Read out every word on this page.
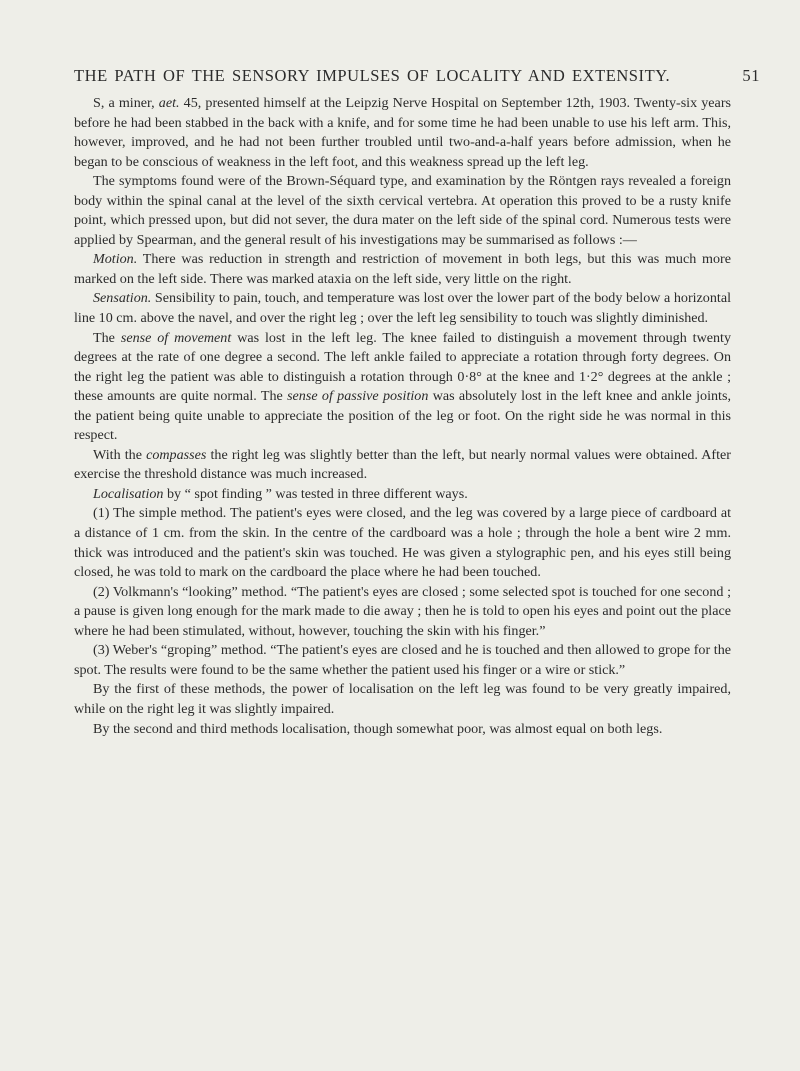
THE PATH OF THE SENSORY IMPULSES OF LOCALITY AND EXTENSITY.	51

S, a miner, aet. 45, presented himself at the Leipzig Nerve Hospital on September 12th, 1903. Twenty-six years before he had been stabbed in the back with a knife, and for some time he had been unable to use his left arm. This, however, improved, and he had not been further troubled until two-and-a-half years before admission, when he began to be conscious of weakness in the left foot, and this weakness spread up the left leg.

The symptoms found were of the Brown-Séquard type, and examination by the Röntgen rays revealed a foreign body within the spinal canal at the level of the sixth cervical vertebra. At operation this proved to be a rusty knife point, which pressed upon, but did not sever, the dura mater on the left side of the spinal cord. Numerous tests were applied by Spearman, and the general result of his investigations may be summarised as follows :—

Motion. There was reduction in strength and restriction of movement in both legs, but this was much more marked on the left side. There was marked ataxia on the left side, very little on the right.

Sensation. Sensibility to pain, touch, and temperature was lost over the lower part of the body below a horizontal line 10 cm. above the navel, and over the right leg ; over the left leg sensibility to touch was slightly diminished.

The sense of movement was lost in the left leg. The knee failed to distinguish a movement through twenty degrees at the rate of one degree a second. The left ankle failed to appreciate a rotation through forty degrees. On the right leg the patient was able to distinguish a rotation through 0·8° at the knee and 1·2° degrees at the ankle ; these amounts are quite normal. The sense of passive position was absolutely lost in the left knee and ankle joints, the patient being quite unable to appreciate the position of the leg or foot. On the right side he was normal in this respect.

With the compasses the right leg was slightly better than the left, but nearly normal values were obtained. After exercise the threshold distance was much increased.

Localisation by “ spot finding ” was tested in three different ways.

(1) The simple method. The patient's eyes were closed, and the leg was covered by a large piece of cardboard at a distance of 1 cm. from the skin. In the centre of the cardboard was a hole ; through the hole a bent wire 2 mm. thick was introduced and the patient's skin was touched. He was given a stylographic pen, and his eyes still being closed, he was told to mark on the cardboard the place where he had been touched.

(2) Volkmann's “looking” method. “The patient's eyes are closed ; some selected spot is touched for one second ; a pause is given long enough for the mark made to die away ; then he is told to open his eyes and point out the place where he had been stimulated, without, however, touching the skin with his finger.”

(3) Weber's “groping” method. “The patient's eyes are closed and he is touched and then allowed to grope for the spot. The results were found to be the same whether the patient used his finger or a wire or stick.”

By the first of these methods, the power of localisation on the left leg was found to be very greatly impaired, while on the right leg it was slightly impaired.

By the second and third methods localisation, though somewhat poor, was almost equal on both legs.
